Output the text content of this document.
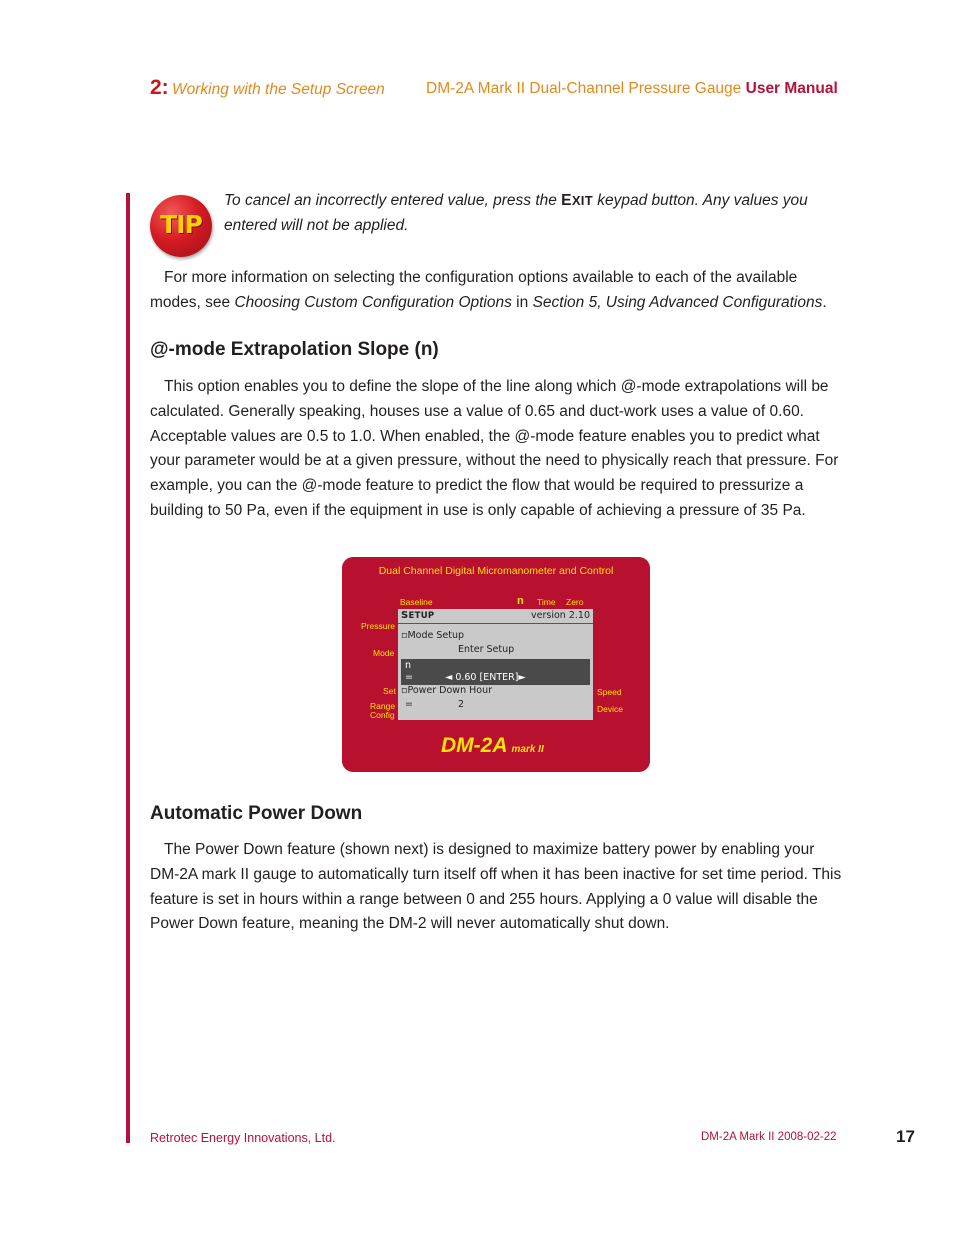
2: Working with the Setup Screen	DM-2A Mark II Dual-Channel Pressure Gauge User Manual
TIP
To cancel an incorrectly entered value, press the EXIT keypad button. Any values you entered will not be applied.
For more information on selecting the configuration options available to each of the available modes, see Choosing Custom Configuration Options in Section 5, Using Advanced Configurations.
@-mode Extrapolation Slope (n)
This option enables you to define the slope of the line along which @-mode extrapolations will be calculated. Generally speaking, houses use a value of 0.65 and duct-work uses a value of 0.60. Acceptable values are 0.5 to 1.0. When enabled, the @-mode feature enables you to predict what your parameter would be at a given pressure, without the need to physically reach that pressure. For example, you can the @-mode feature to predict the flow that would be required to pressurize a building to 50 Pa, even if the equipment in use is only capable of achieving a pressure of 35 Pa.
Dual Channel Digital Micromanometer and Control
Baseline	n Time Zero
Pressure
Mode
Set
Range
Config
Speed
Device
SETUP	version 2.10
▫Mode Setup
Enter Setup
n
=	◄ 0.60 [ENTER]►
▫Power Down Hour
=	2
DM-2A mark II
Automatic Power Down
The Power Down feature (shown next) is designed to maximize battery power by enabling your DM-2A mark II gauge to automatically turn itself off when it has been inactive for set time period. This feature is set in hours within a range between 0 and 255 hours. Applying a 0 value will disable the Power Down feature, meaning the DM-2 will never automatically shut down.
Retrotec Energy Innovations, Ltd.	DM-2A Mark II 2008-02-22	17
